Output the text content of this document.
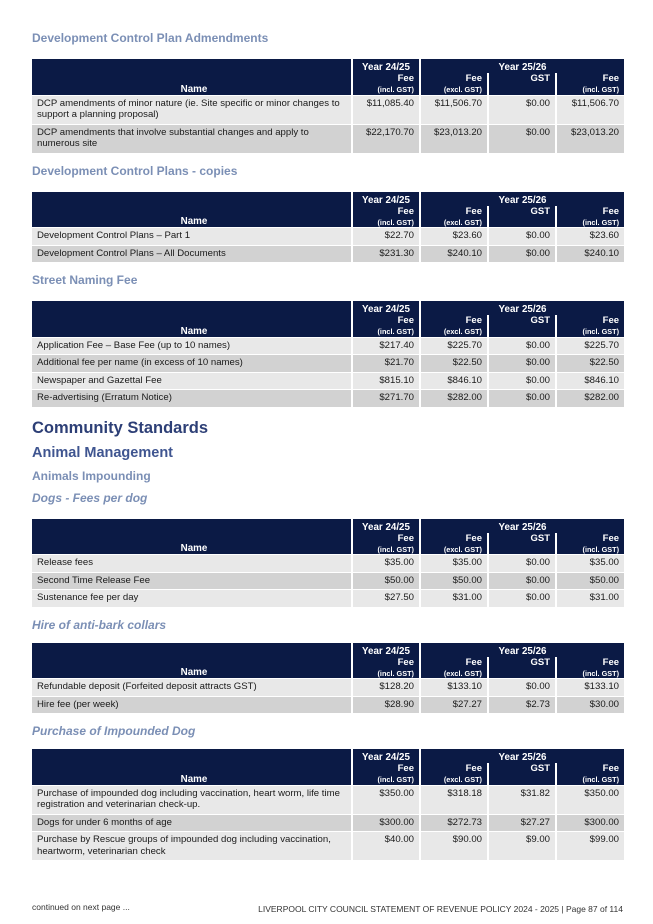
Development Control Plan Admendments
Name	Year 24/25	Year 25/26		
	Fee	Fee	GST	Fee
	(incl. GST)	(excl. GST)		(incl. GST)
DCP amendments of minor nature (ie. Site specific or minor changes to support a planning proposal)	$11,085.40	$11,506.70	$0.00	$11,506.70
DCP amendments that involve substantial changes and apply to numerous site	$22,170.70	$23,013.20	$0.00	$23,013.20
Development Control Plans - copies
Name	Year 24/25	Year 25/26		
	Fee	Fee	GST	Fee
	(incl. GST)	(excl. GST)		(incl. GST)
Development Control Plans – Part 1	$22.70	$23.60	$0.00	$23.60
Development Control Plans – All Documents	$231.30	$240.10	$0.00	$240.10
Street Naming Fee
Name	Year 24/25	Year 25/26		
	Fee	Fee	GST	Fee
	(incl. GST)	(excl. GST)		(incl. GST)
Application Fee – Base Fee (up to 10 names)	$217.40	$225.70	$0.00	$225.70
Additional fee per name (in excess of 10 names)	$21.70	$22.50	$0.00	$22.50
Newspaper and Gazettal Fee	$815.10	$846.10	$0.00	$846.10
Re-advertising (Erratum Notice)	$271.70	$282.00	$0.00	$282.00
Community Standards
Animal Management
Animals Impounding
Dogs - Fees per dog
Name	Year 24/25	Year 25/26		
	Fee	Fee	GST	Fee
	(incl. GST)	(excl. GST)		(incl. GST)
Release fees	$35.00	$35.00	$0.00	$35.00
Second Time Release Fee	$50.00	$50.00	$0.00	$50.00
Sustenance fee per day	$27.50	$31.00	$0.00	$31.00
Hire of anti-bark collars
Name	Year 24/25	Year 25/26		
	Fee	Fee	GST	Fee
	(incl. GST)	(excl. GST)		(incl. GST)
Refundable deposit (Forfeited deposit attracts GST)	$128.20	$133.10	$0.00	$133.10
Hire fee (per week)	$28.90	$27.27	$2.73	$30.00
Purchase of Impounded Dog
Name	Year 24/25	Year 25/26		
	Fee	Fee	GST	Fee
	(incl. GST)	(excl. GST)		(incl. GST)
Purchase of impounded dog including vaccination, heart worm, life time registration and veterinarian check-up.	$350.00	$318.18	$31.82	$350.00
Dogs for under 6 months of age	$300.00	$272.73	$27.27	$300.00
Purchase by Rescue groups of impounded dog including vaccination, heartworm, veterinarian check	$40.00	$90.00	$9.00	$99.00
continued on next page ...	LIVERPOOL CITY COUNCIL STATEMENT OF REVENUE POLICY 2024 - 2025 | Page 87 of 114
